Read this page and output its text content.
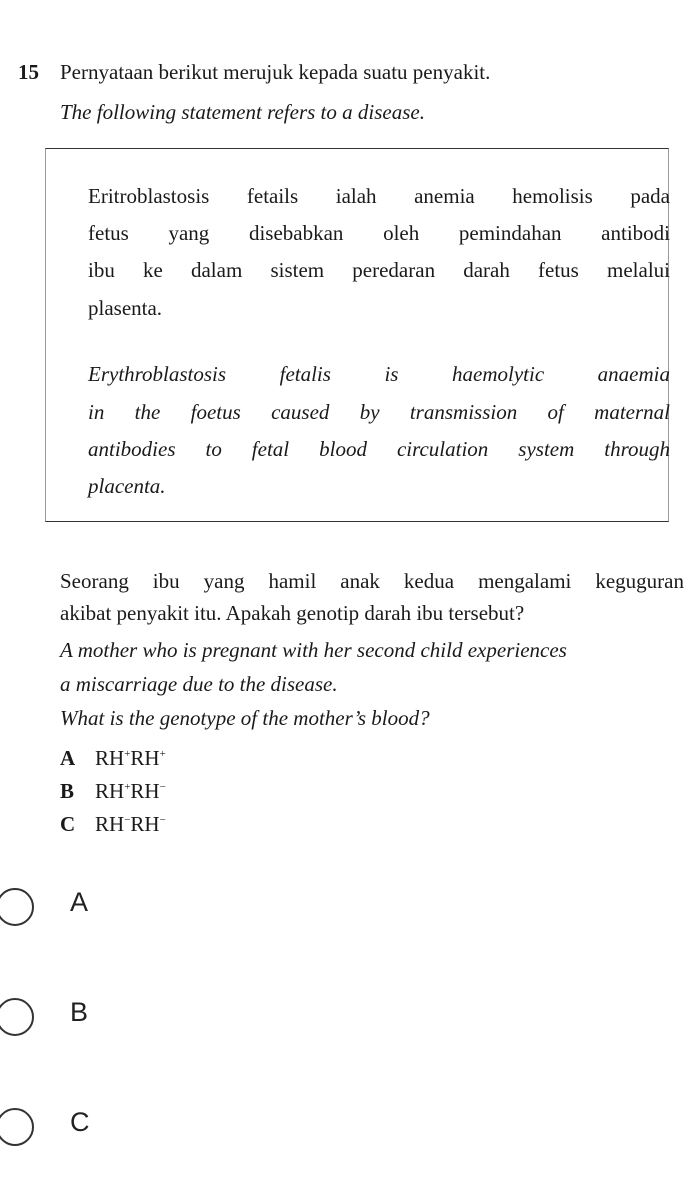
15 Pernyataan berikut merujuk kepada suatu penyakit.
The following statement refers to a disease.
Eritroblastosis fetails ialah anemia hemolisis pada
fetus yang disebabkan oleh pemindahan antibodi
ibu ke dalam sistem peredaran darah fetus melalui
plasenta.
Erythroblastosis fetalis is haemolytic anaemia
in the foetus caused by transmission of maternal
antibodies to fetal blood circulation system through
placenta.
Seorang ibu yang hamil anak kedua mengalami keguguran
akibat penyakit itu. Apakah genotip darah ibu tersebut?
A mother who is pregnant with her second child experiences
a miscarriage due to the disease.
What is the genotype of the mother’s blood?
A RH+RH+
B RH+RH−
C RH−RH−
A
B
C
